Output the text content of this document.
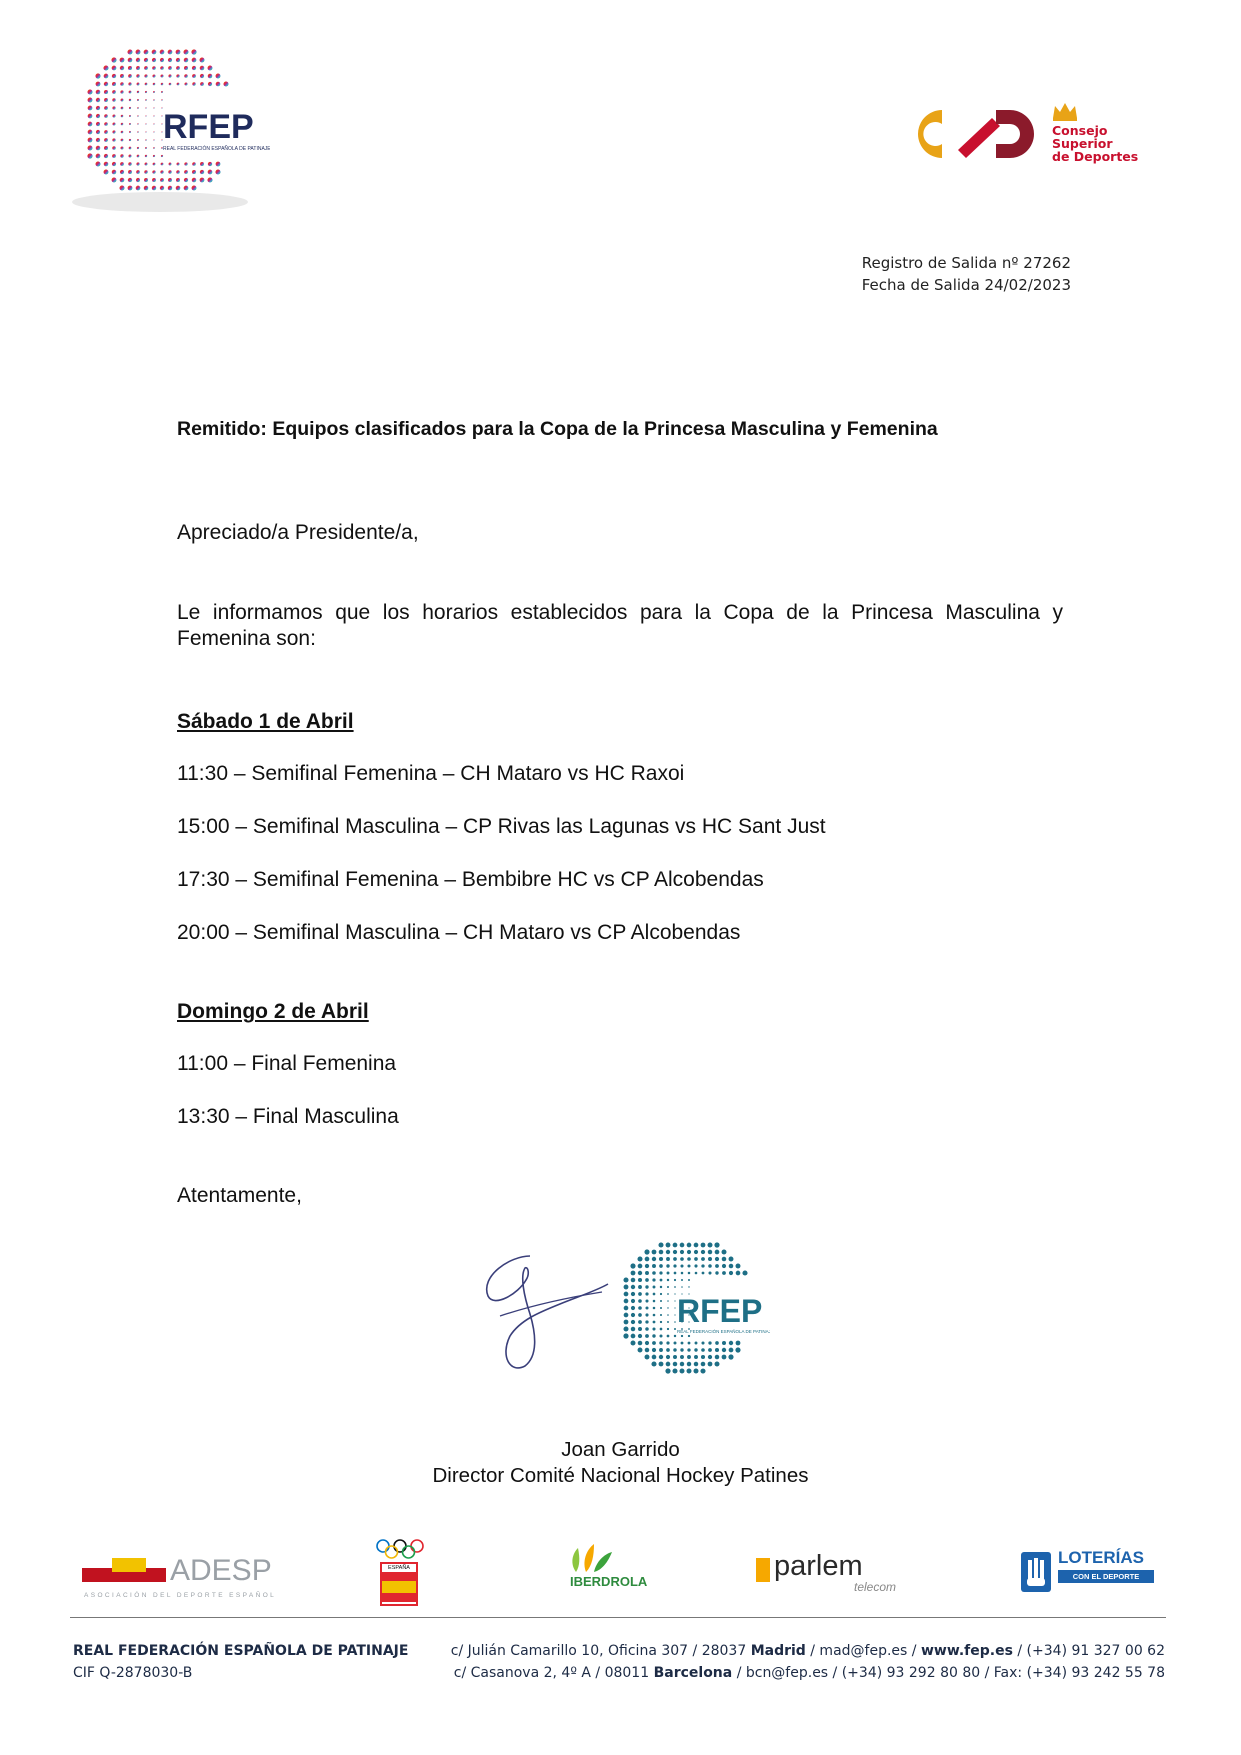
RFEP
REAL FEDERACIÓN ESPAÑOLA DE PATINAJE
Consejo
Superior
de Deportes
Registro de Salida nº 27262
Fecha de Salida 24/02/2023
Remitido: Equipos clasificados para la Copa de la Princesa Masculina y Femenina
Apreciado/a Presidente/a,
Le informamos que los horarios establecidos para la Copa de la Princesa Masculina y Femenina son:
Sábado 1 de Abril
11:30 – Semifinal Femenina – CH Mataro vs HC Raxoi
15:00 – Semifinal Masculina – CP Rivas las Lagunas vs HC Sant Just
17:30 – Semifinal Femenina – Bembibre HC vs CP Alcobendas
20:00 – Semifinal Masculina – CH Mataro vs CP Alcobendas
Domingo 2 de Abril
11:00 – Final Femenina
13:30 – Final Masculina
Atentamente,
RFEP
REAL FEDERACIÓN ESPAÑOLA DE PATINAJE
Joan Garrido
Director Comité Nacional Hockey Patines
ADESP
ASOCIACIÓN DEL DEPORTE ESPAÑOL
ESPAÑA
IBERDROLA	parlem
telecom
LOTERÍAS
CON EL DEPORTE
REAL FEDERACIÓN ESPAÑOLA DE PATINAJE
CIF Q-2878030-B
c/ Julián Camarillo 10, Oficina 307 / 28037 Madrid / mad@fep.es / www.fep.es / (+34) 91 327 00 62
c/ Casanova 2, 4º A / 08011 Barcelona / bcn@fep.es / (+34) 93 292 80 80 / Fax: (+34) 93 242 55 78
